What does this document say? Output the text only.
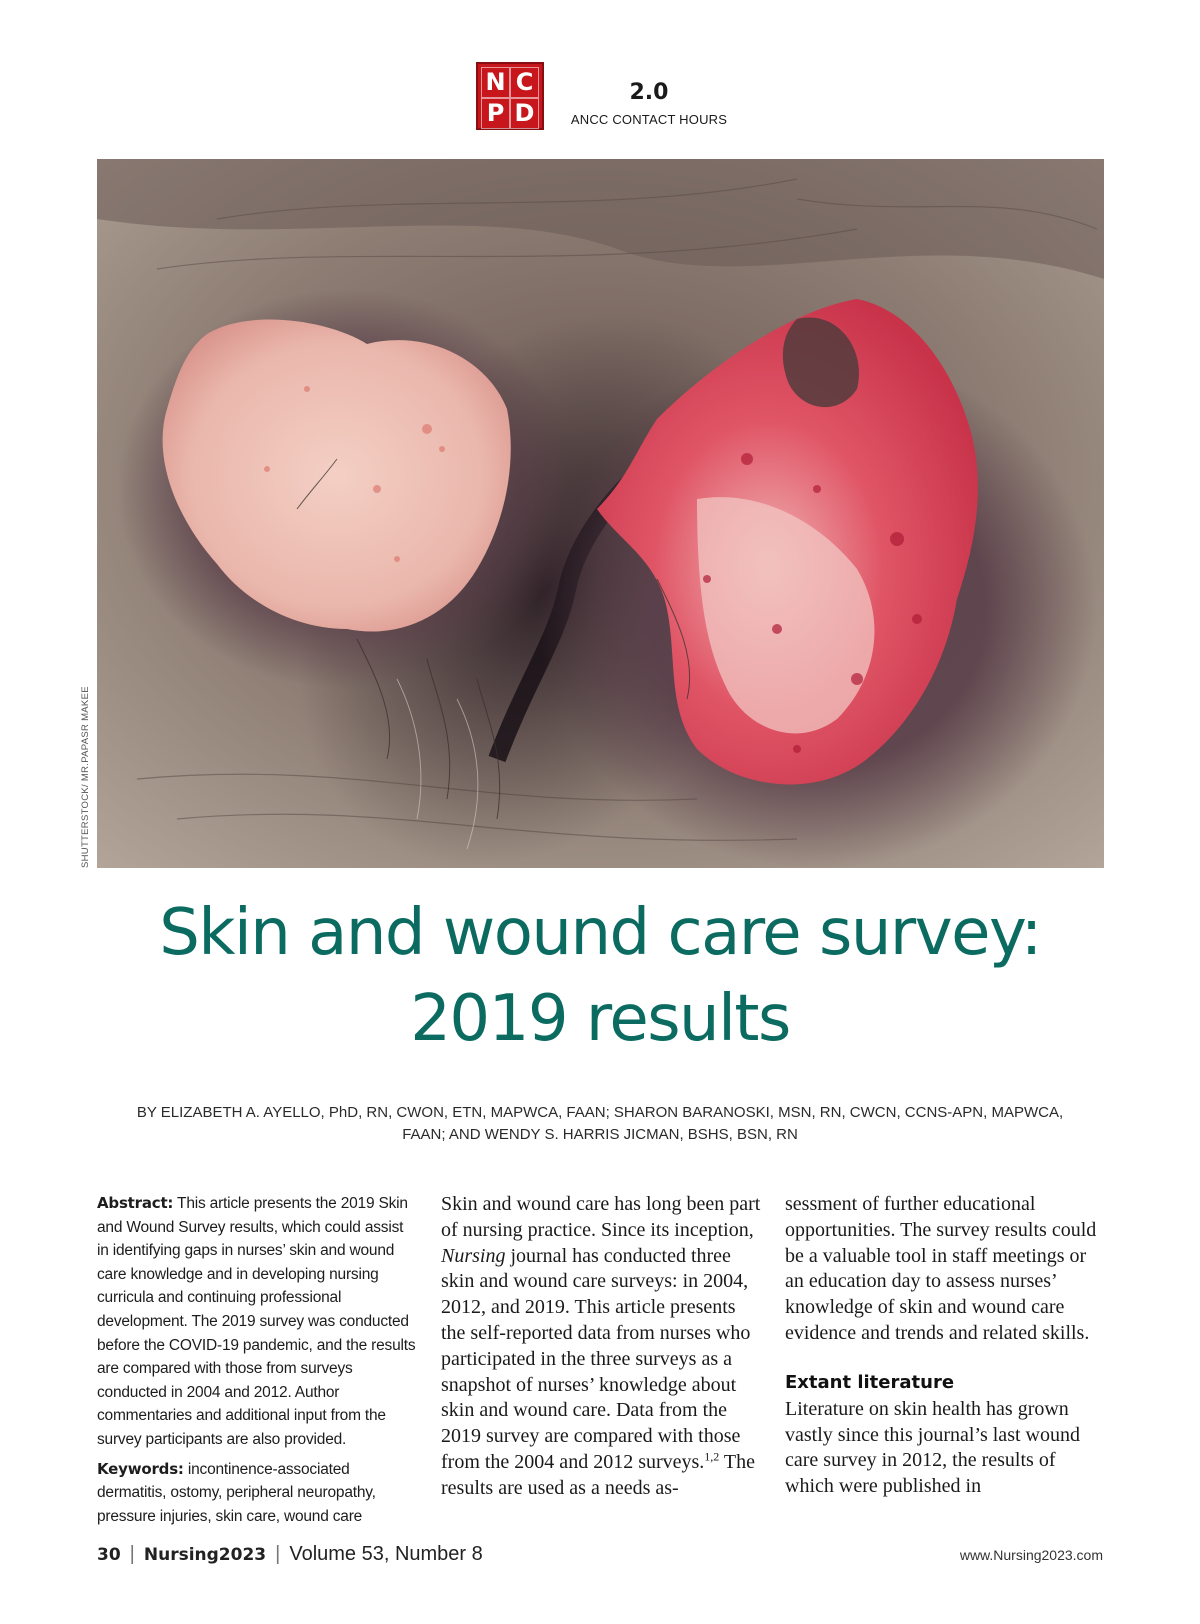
N C
P D
2.0
ANCC CONTACT HOURS
SHUTTERSTOCK/ MR.PAPASR MAKEE
Skin and wound care survey:
2019 results

BY ELIZABETH A. AYELLO, PhD, RN, CWON, ETN, MAPWCA, FAAN; SHARON BARANOSKI, MSN, RN, CWCN, CCNS-APN, MAPWCA,
FAAN; AND WENDY S. HARRIS JICMAN, BSHS, BSN, RN

Abstract: This article presents the 2019 Skin and Wound Survey results, which could assist in identifying gaps in nurses’ skin and wound care knowledge and in developing nursing curricula and continuing professional development. The 2019 survey was conducted before the COVID-19 pandemic, and the results are compared with those from surveys conducted in 2004 and 2012. Author commentaries and additional input from the survey participants are also provided.

Keywords: incontinence-associated dermatitis, ostomy, peripheral neuropathy, pressure injuries, skin care, wound care

Skin and wound care has long been part of nursing practice. Since its inception, Nursing journal has conducted three skin and wound care surveys: in 2004, 2012, and 2019. This article presents the self-reported data from nurses who participated in the three surveys as a snapshot of nurses’ knowledge about skin and wound care. Data from the 2019 survey are compared with those from the 2004 and 2012 surveys.$^{1,2}$ The results are used as a needs as-

sessment of further educational opportunities. The survey results could be a valuable tool in staff meetings or an education day to assess nurses’ knowledge of skin and wound care evidence and trends and related skills.

Extant literature

Literature on skin health has grown vastly since this journal’s last wound care survey in 2012, the results of which were published in

30 | Nursing2023 | Volume 53, Number 8	www.Nursing2023.com
